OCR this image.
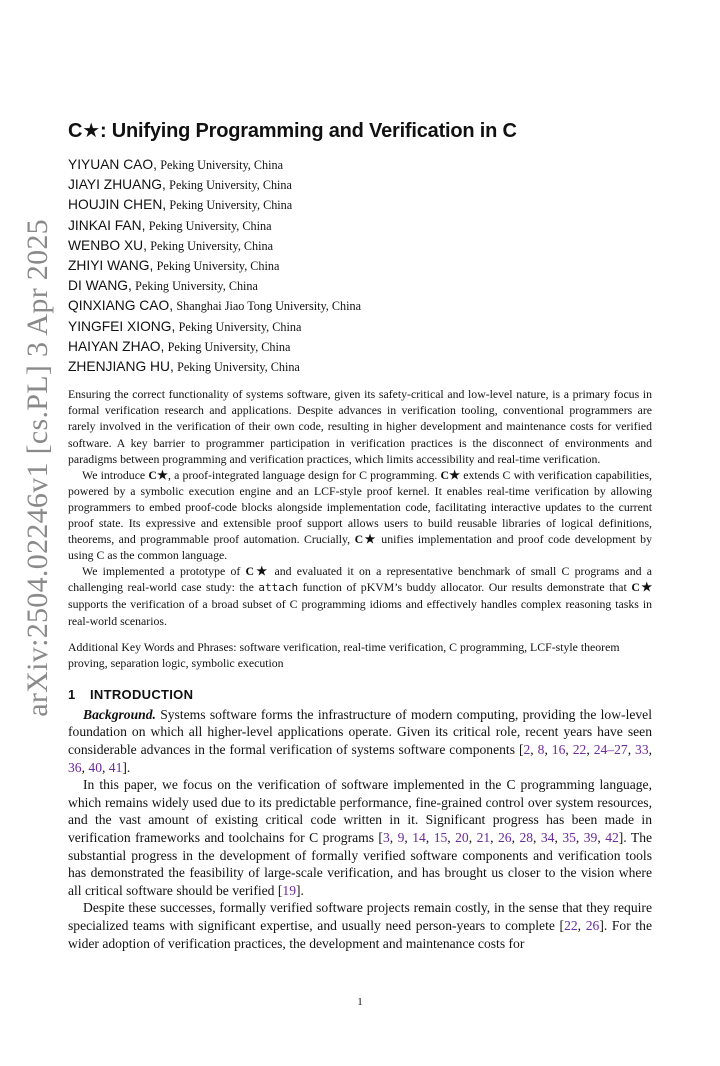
arXiv:2504.02246v1 [cs.PL] 3 Apr 2025
C★: Unifying Programming and Verification in C
YIYUAN CAO, Peking University, China
JIAYI ZHUANG, Peking University, China
HOUJIN CHEN, Peking University, China
JINKAI FAN, Peking University, China
WENBO XU, Peking University, China
ZHIYI WANG, Peking University, China
DI WANG, Peking University, China
QINXIANG CAO, Shanghai Jiao Tong University, China
YINGFEI XIONG, Peking University, China
HAIYAN ZHAO, Peking University, China
ZHENJIANG HU, Peking University, China

Ensuring the correct functionality of systems software, given its safety-critical and low-level nature, is a primary focus in formal verification research and applications. Despite advances in verification tooling, conventional programmers are rarely involved in the verification of their own code, resulting in higher development and maintenance costs for verified software. A key barrier to programmer participation in verification practices is the disconnect of environments and paradigms between programming and verification practices, which limits accessibility and real-time verification.

We introduce C★, a proof-integrated language design for C programming. C★ extends C with verification capabilities, powered by a symbolic execution engine and an LCF-style proof kernel. It enables real-time verification by allowing programmers to embed proof-code blocks alongside implementation code, facilitating interactive updates to the current proof state. Its expressive and extensible proof support allows users to build reusable libraries of logical definitions, theorems, and programmable proof automation. Crucially, C★ unifies implementation and proof code development by using C as the common language.

We implemented a prototype of C★ and evaluated it on a representative benchmark of small C programs and a challenging real-world case study: the attach function of pKVM’s buddy allocator. Our results demonstrate that C★ supports the verification of a broad subset of C programming idioms and effectively handles complex reasoning tasks in real-world scenarios.

Additional Key Words and Phrases: software verification, real-time verification, C programming, LCF-style theorem proving, separation logic, symbolic execution

1 INTRODUCTION

Background. Systems software forms the infrastructure of modern computing, providing the low-level foundation on which all higher-level applications operate. Given its critical role, recent years have seen considerable advances in the formal verification of systems software components [2, 8, 16, 22, 24–27, 33, 36, 40, 41].

In this paper, we focus on the verification of software implemented in the C programming language, which remains widely used due to its predictable performance, fine-grained control over system resources, and the vast amount of existing critical code written in it. Significant progress has been made in verification frameworks and toolchains for C programs [3, 9, 14, 15, 20, 21, 26, 28, 34, 35, 39, 42]. The substantial progress in the development of formally verified software components and verification tools has demonstrated the feasibility of large-scale verification, and has brought us closer to the vision where all critical software should be verified [19].

Despite these successes, formally verified software projects remain costly, in the sense that they require specialized teams with significant expertise, and usually need person-years to complete [22, 26]. For the wider adoption of verification practices, the development and maintenance costs for

1
